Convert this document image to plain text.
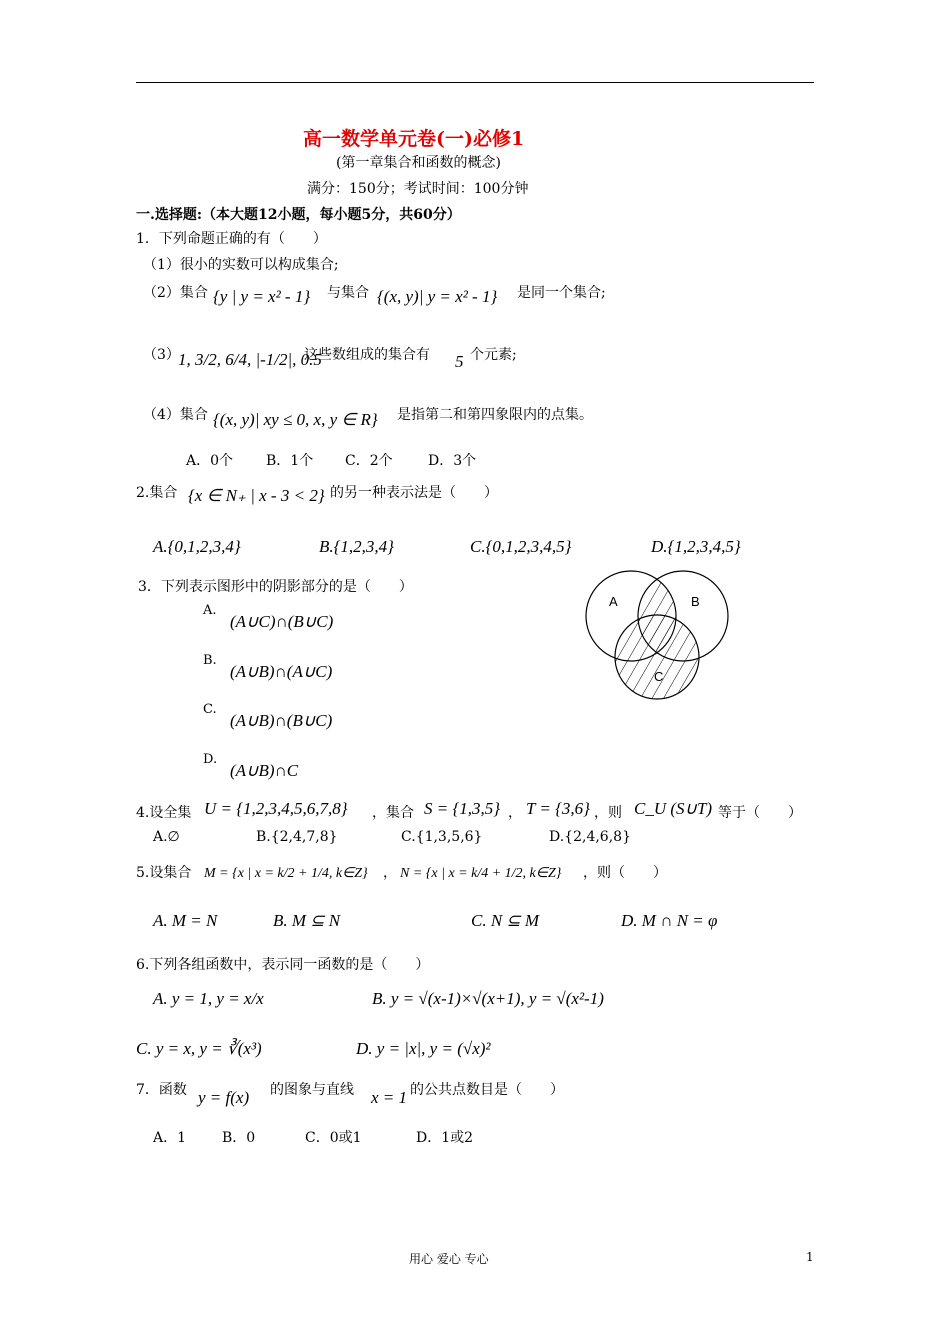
高一数学单元卷(一)必修1
(第一章集合和函数的概念)
满分：150分；考试时间：100分钟
一.选择题:（本大题12小题，每小题5分，共60分）
1．下列命题正确的有（　　）
（1）很小的实数可以构成集合;
（2）集合 {y | y = x² - 1} 与集合 {(x, y)| y = x² - 1} 是同一个集合;
（3）
1, 3/2, 6/4, |-1/2|, 0.5
这些数组成的集合有 5 个元素;
（4）集合 {(x, y)| xy ≤ 0, x, y ∈ R} 是指第二和第四象限内的点集。
A．0个 B．1个 C．2个	D．3个
2.集合 {x ∈ N₊ | x - 3 < 2} 的另一种表示法是（　　）
A.{0,1,2,3,4}	B.{1,2,3,4}	C.{0,1,2,3,4,5}	D.{1,2,3,4,5}
3．下列表示图形中的阴影部分的是（　　）
A.
(A∪C)∩(B∪C)
B.
(A∪B)∩(A∪C)
C.
(A∪B)∩(B∪C)
D.
(A∪B)∩C
A	B
C
4.设全集 U = {1,2,3,4,5,6,7,8} ，集合 S = {1,3,5} ， T = {3,6} ，则 C_U (S∪T) 等于（　　）
A.∅	B.{2,4,7,8}	C.{1,3,5,6}	D.{2,4,6,8}
5.设集合 M = {x | x = k/2 + 1/4, k∈Z} ， N = {x | x = k/4 + 1/2, k∈Z} ，则（　　）
A. M = N	B. M ⊆ N	C. N ⊆ M	D. M ∩ N = φ
6.下列各组函数中，表示同一函数的是（　　）
A. y = 1, y = x/x	B. y = √(x-1)×√(x+1), y = √(x²-1)
C. y = x, y = ∛(x³)	D. y = |x|, y = (√x)²
7．函数 y = f(x) 的图象与直线 x = 1 的公共点数目是（　　）
A．1	B．0	C．0或1	D．1或2
用心 爱心 专心	1
